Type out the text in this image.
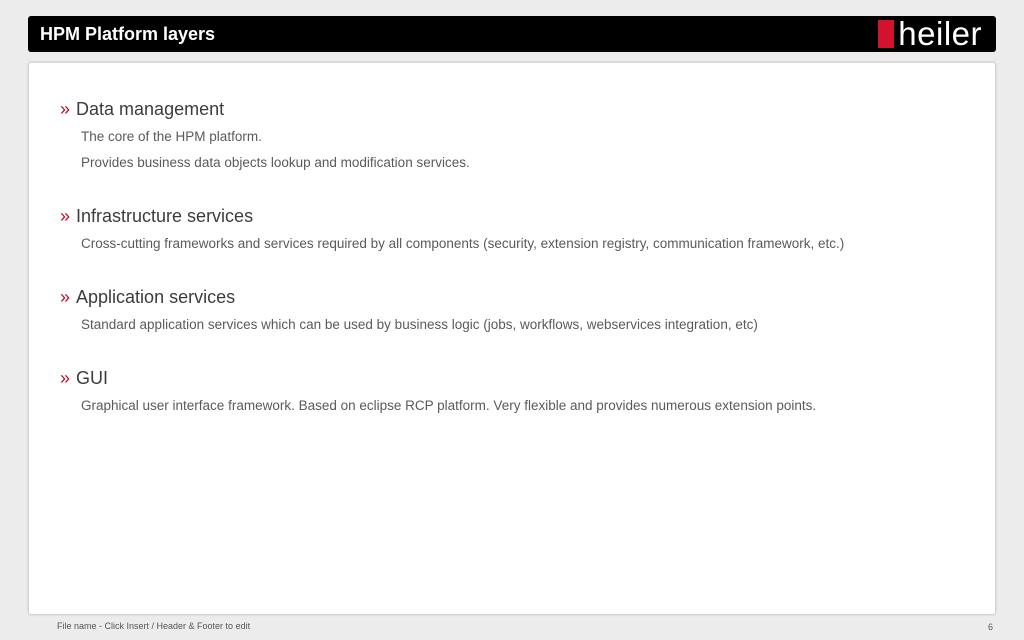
HPM Platform layers	heiler
» Data management
The core of the HPM platform.
Provides business data objects lookup and modification services.
» Infrastructure services
Cross-cutting frameworks and services required by all components (security, extension registry, communication framework, etc.)
» Application services
Standard application services which can be used by business logic (jobs, workflows, webservices integration, etc)
» GUI
Graphical user interface framework. Based on eclipse RCP platform. Very flexible and provides numerous extension points.
File name - Click Insert / Header & Footer to edit	6
